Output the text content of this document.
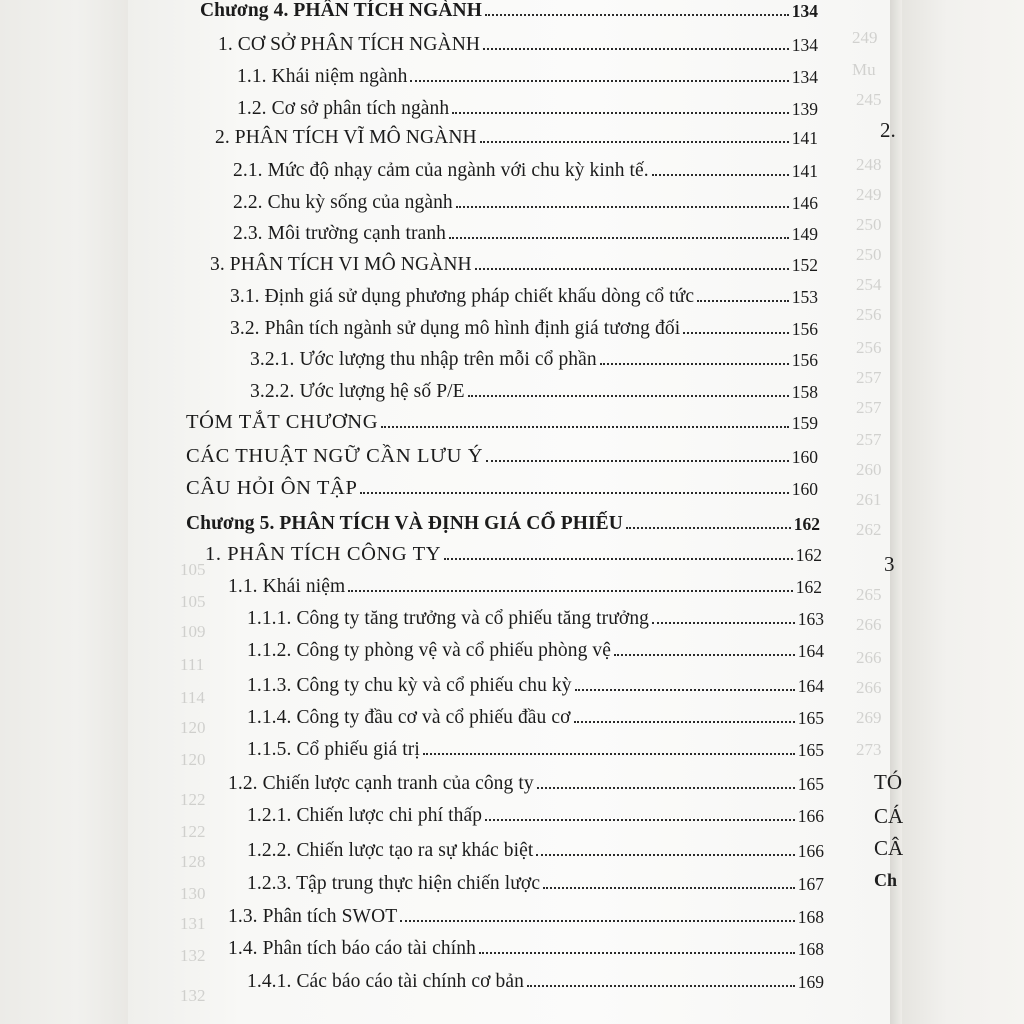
249
Mu
245
248
249
250
250
254
256
256
257
257
257
260
261
262
265
266
266
266
269
273
105
105
109
111
114
120
120
122
122
128
130
131
132
132
2.
3
TÓ
CÁ
CÂ
Ch
Chương 4. PHÂN TÍCH NGÀNH	134
1. CƠ SỞ PHÂN TÍCH NGÀNH	134
1.1. Khái niệm ngành	134
1.2. Cơ sở phân tích ngành	139
2. PHÂN TÍCH VĨ MÔ NGÀNH	141
2.1. Mức độ nhạy cảm của ngành với chu kỳ kinh tế.	141
2.2. Chu kỳ sống của ngành	146
2.3. Môi trường cạnh tranh	149
3. PHÂN TÍCH VI MÔ NGÀNH	152
3.1. Định giá sử dụng phương pháp chiết khấu dòng cổ tức	153
3.2. Phân tích ngành sử dụng mô hình định giá tương đối	156
3.2.1. Ước lượng thu nhập trên mỗi cổ phần	156
3.2.2. Ước lượng hệ số P/E	158
TÓM TẮT CHƯƠNG	159
CÁC THUẬT NGỮ CẦN LƯU Ý	160
CÂU HỎI ÔN TẬP	160
Chương 5. PHÂN TÍCH VÀ ĐỊNH GIÁ CỔ PHIẾU	162
1. PHÂN TÍCH CÔNG TY	162
1.1. Khái niệm	162
1.1.1. Công ty tăng trưởng và cổ phiếu tăng trưởng	163
1.1.2. Công ty phòng vệ và cổ phiếu phòng vệ	164
1.1.3. Công ty chu kỳ và cổ phiếu chu kỳ	164
1.1.4. Công ty đầu cơ và cổ phiếu đầu cơ	165
1.1.5. Cổ phiếu giá trị	165
1.2. Chiến lược cạnh tranh của công ty	165
1.2.1. Chiến lược chi phí thấp	166
1.2.2. Chiến lược tạo ra sự khác biệt	166
1.2.3. Tập trung thực hiện chiến lược	167
1.3. Phân tích SWOT	168
1.4. Phân tích báo cáo tài chính	168
1.4.1. Các báo cáo tài chính cơ bản	169
